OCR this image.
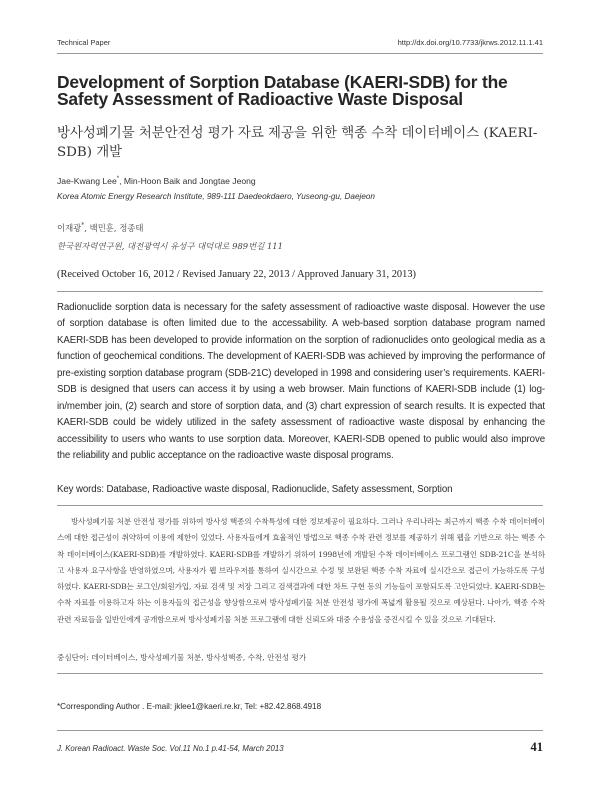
Technical Paper	http://dx.doi.org/10.7733/jkrws.2012.11.1.41
Development of Sorption Database (KAERI-SDB) for the Safety Assessment of Radioactive Waste Disposal
방사성폐기물 처분안전성 평가 자료 제공을 위한 핵종 수착 데이터베이스 (KAERI-SDB) 개발
Jae-Kwang Lee*, Min-Hoon Baik and Jongtae Jeong
Korea Atomic Energy Research Institute, 989-111 Daedeokdaero, Yuseong-gu, Daejeon
이재광*, 백민훈, 정종태
한국원자력연구원, 대전광역시 유성구 대덕대로 989번길 111
(Received October 16, 2012 / Revised January 22, 2013 / Approved January 31, 2013)
Radionuclide sorption data is necessary for the safety assessment of radioactive waste disposal. However the use of sorption database is often limited due to the accessability. A web-based sorption database program named KAERI-SDB has been developed to provide information on the sorption of radionuclides onto geological media as a function of geochemical conditions. The development of KAERI-SDB was achieved by improving the performance of pre-existing sorption database program (SDB-21C) developed in 1998 and considering user’s requirements. KAERI-SDB is designed that users can access it by using a web browser. Main functions of KAERI-SDB include (1) log-in/member join, (2) search and store of sorption data, and (3) chart expression of search results. It is expected that KAERI-SDB could be widely utilized in the safety assessment of radioactive waste disposal by enhancing the accessibility to users who wants to use sorption data. Moreover, KAERI-SDB opened to public would also improve the reliability and public acceptance on the radioactive waste disposal programs.
Key words: Database, Radioactive waste disposal, Radionuclide, Safety assessment, Sorption
방사성폐기물 처분 안전성 평가를 위하여 방사성 핵종의 수착특성에 대한 정보제공이 필요하다. 그러나 우리나라는 최근까지 핵종 수착 데이터베이스에 대한 접근성이 취약하여 이용에 제한이 있었다. 사용자들에게 효율적인 방법으로 핵종 수착 관련 정보를 제공하기 위해 웹을 기반으로 하는 핵종 수착 데이터베이스(KAERI-SDB)를 개발하였다. KAERI-SDB를 개발하기 위하여 1998년에 개발된 수착 데이터베이스 프로그램인 SDB-21C을 분석하고 사용자 요구사항을 반영하였으며, 사용자가 웹 브라우저를 통하여 실시간으로 수정 및 보완된 핵종 수착 자료에 실시간으로 접근이 가능하도록 구성하였다. KAERI-SDB는 로그인/회원가입, 자료 검색 및 저장 그리고 검색결과에 대한 차트 구현 등의 기능들이 포함되도록 고안되었다. KAERI-SDB는 수착 자료를 이용하고자 하는 이용자들의 접근성을 향상함으로써 방사성폐기물 처분 안전성 평가에 폭넓게 활용될 것으로 예상된다. 나아가, 핵종 수착관련 자료들을 일반인에게 공개함으로써 방사성폐기물 처분 프로그램에 대한 신뢰도와 대중 수용성을 증진시킬 수 있을 것으로 기대된다.
중심단어: 데이터베이스, 방사성폐기물 처분, 방사성핵종, 수착, 안전성 평가
*Corresponding Author . E-mail: jklee1@kaeri.re.kr, Tel: +82.42.868.4918
J. Korean Radioact. Waste Soc. Vol.11 No.1 p.41-54, March 2013	41
